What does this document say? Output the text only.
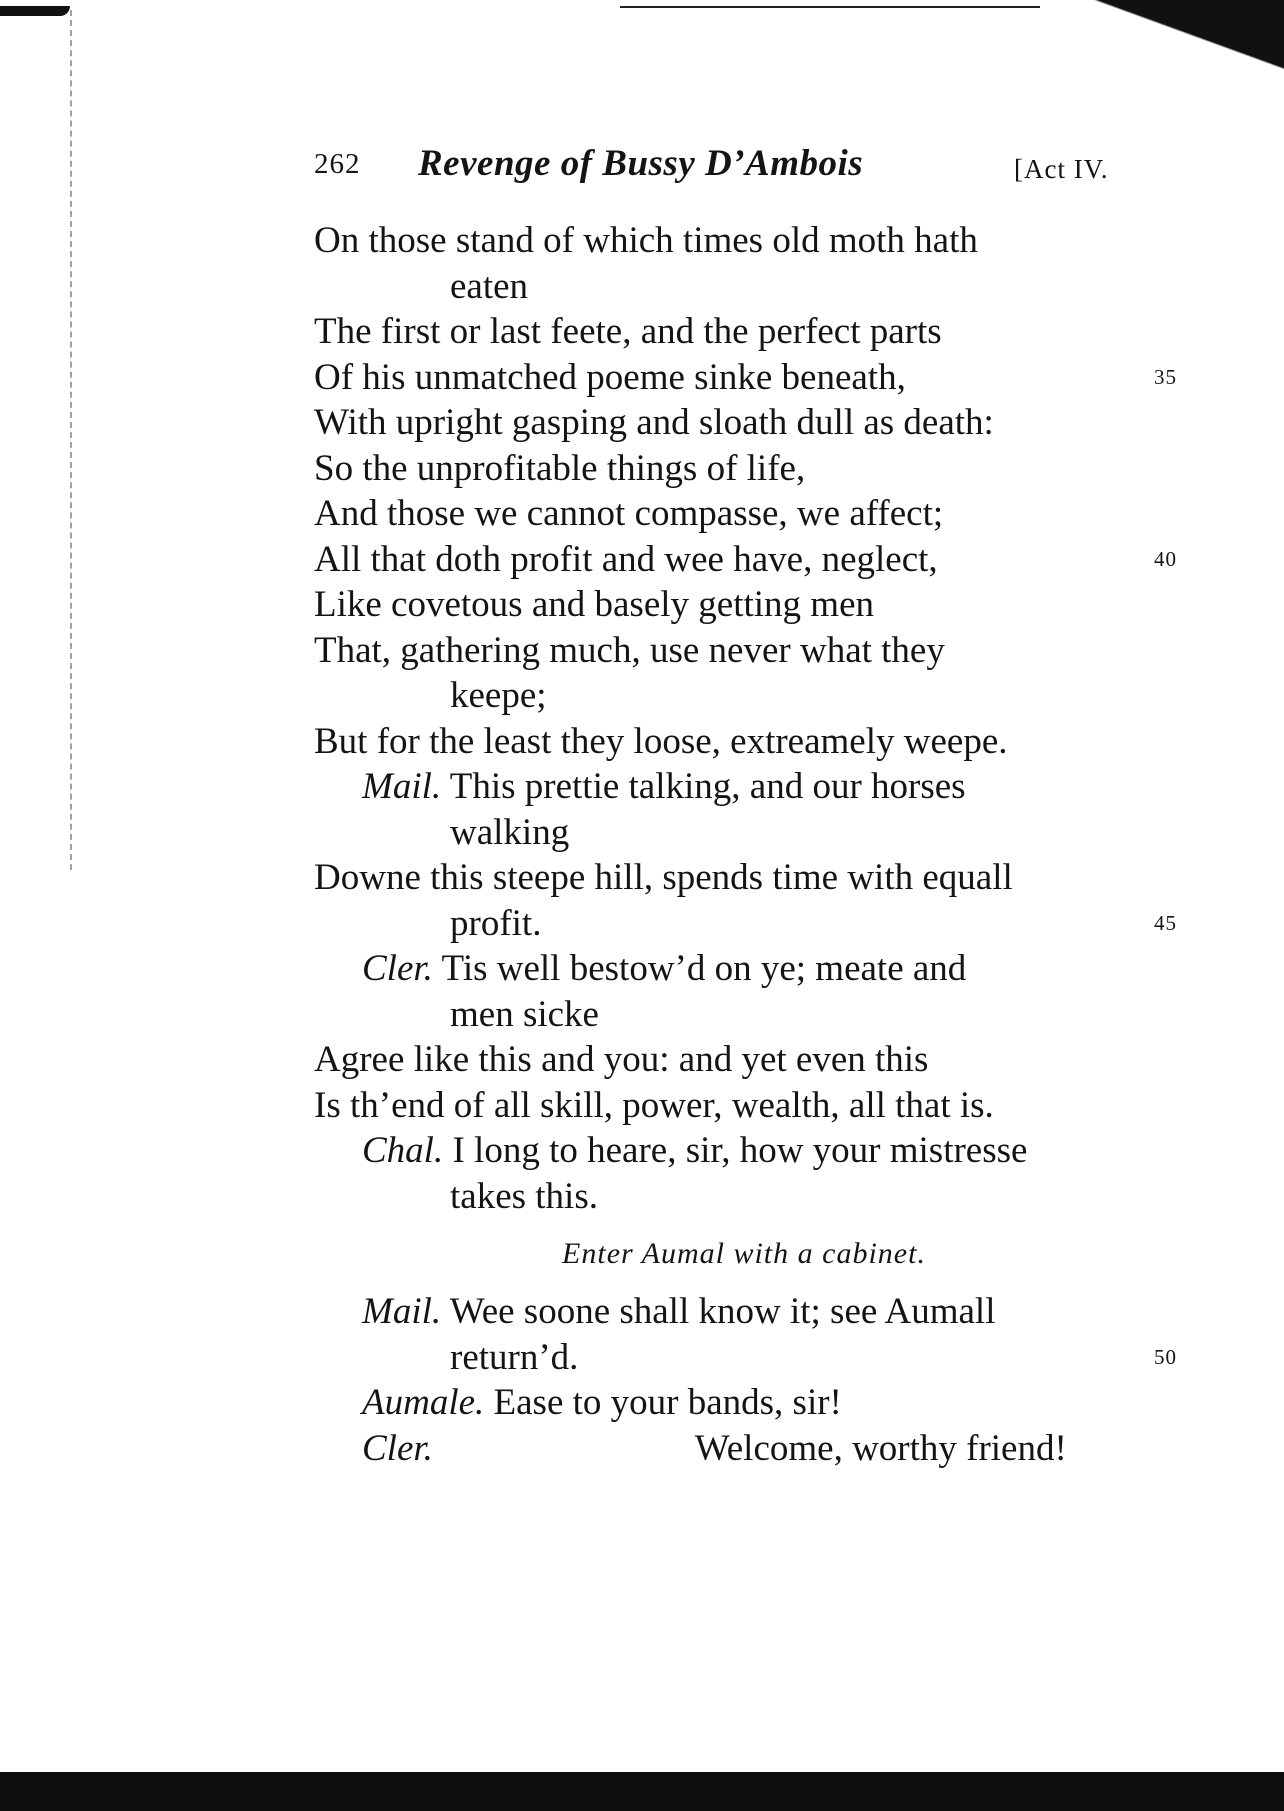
262 Revenge of Bussy D’Ambois	[Act IV.
On those stand of which times old moth hath
eaten
The first or last feete, and the perfect parts
Of his unmatched poeme sinke beneath,	35
With upright gasping and sloath dull as death:
So the unprofitable things of life,
And those we cannot compasse, we affect;
All that doth profit and wee have, neglect,	40
Like covetous and basely getting men
That, gathering much, use never what they
keepe;
But for the least they loose, extreamely weepe.
Mail. This prettie talking, and our horses
walking
Downe this steepe hill, spends time with equall
profit.	45
Cler. Tis well bestow’d on ye; meate and
men sicke
Agree like this and you: and yet even this
Is th’end of all skill, power, wealth, all that is.
Chal. I long to heare, sir, how your mistresse
takes this.
Enter Aumal with a cabinet.
Mail. Wee soone shall know it; see Aumall
return’d.	50
Aumale. Ease to your bands, sir!
Cler.	Welcome, worthy friend!
